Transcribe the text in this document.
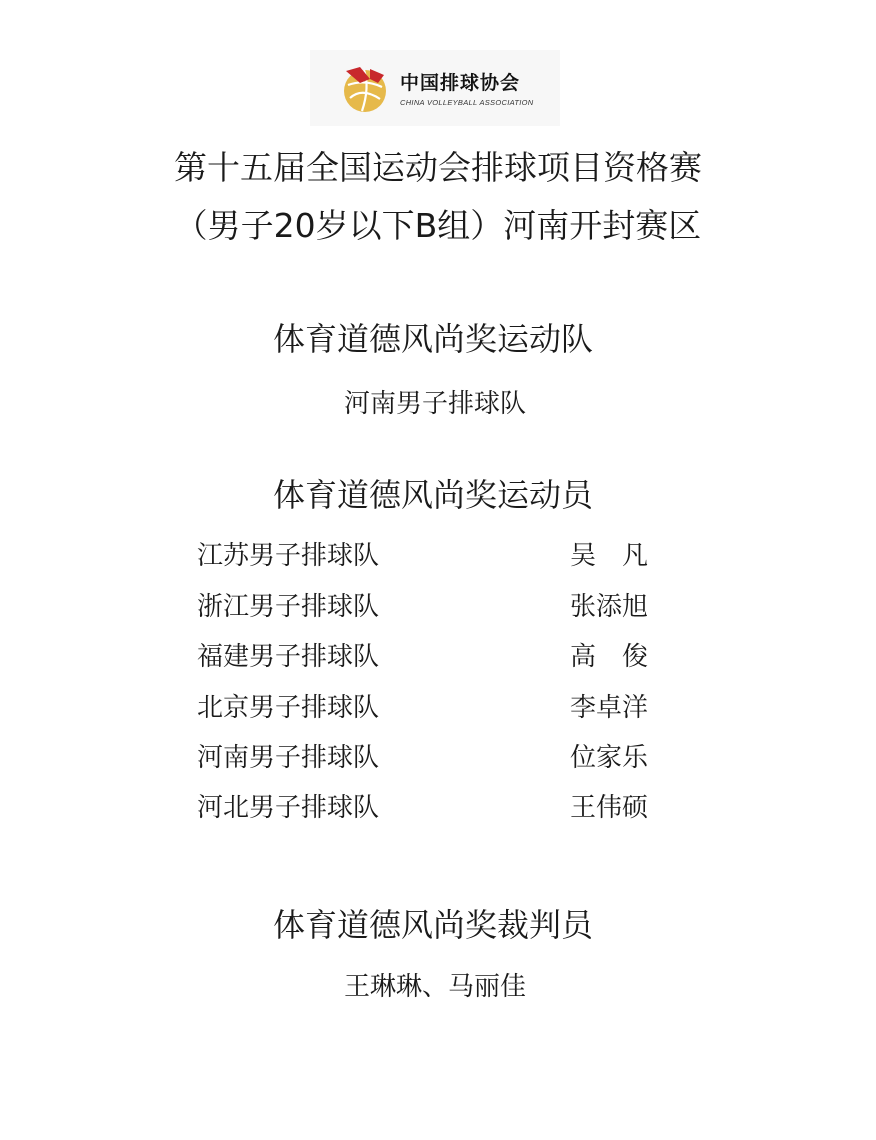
中国排球协会
CHINA VOLLEYBALL ASSOCIATION
第十五届全国运动会排球项目资格赛
（男子20岁以下B组）河南开封赛区
体育道德风尚奖运动队
河南男子排球队
体育道德风尚奖运动员
江苏男子排球队	吴　凡
浙江男子排球队	张添旭
福建男子排球队	高　俊
北京男子排球队	李卓洋
河南男子排球队	位家乐
河北男子排球队	王伟硕
体育道德风尚奖裁判员
王琳琳、马丽佳
